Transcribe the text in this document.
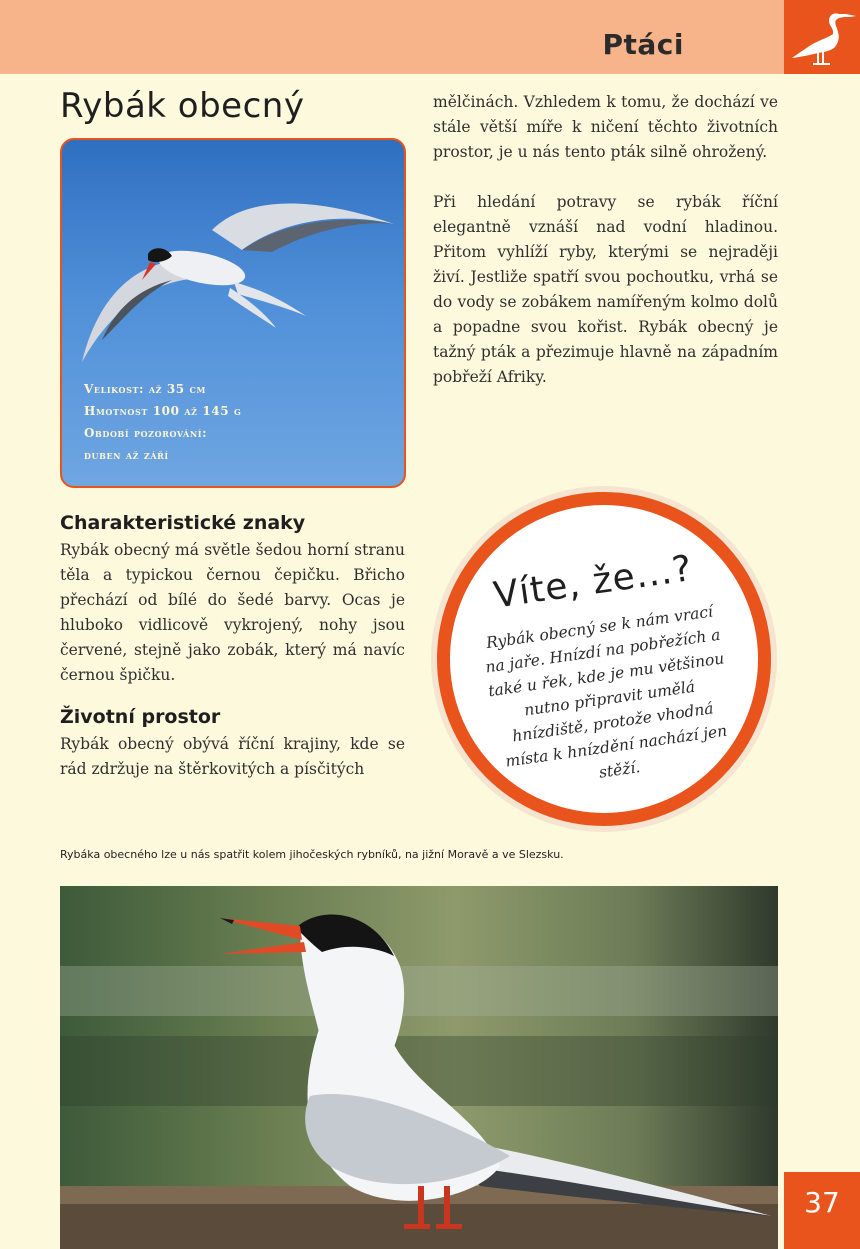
Ptáci
Rybák obecný
Velikost: až 35 cm
Hmotnost 100 až 145 g
Období pozorování:
duben až září

mělčinách. Vzhledem k tomu, že dochází ve stále větší míře k ničení těchto životních prostor, je u nás tento pták silně ohrožený.

Při hledání potravy se rybák říční elegantně vznáší nad vodní hladinou. Přitom vyhlíží ryby, kterými se nejraději živí. Jestliže spatří svou pochoutku, vrhá se do vody se zobákem namířeným kolmo dolů a popadne svou kořist. Rybák obecný je tažný pták a přezimuje hlavně na západním pobřeží Afriky.

Charakteristické znaky

Rybák obecný má světle šedou horní stranu těla a typickou černou čepičku. Břicho přechází od bílé do šedé barvy. Ocas je hluboko vidlicově vykrojený, nohy jsou červené, stejně jako zobák, který má navíc černou špičku.

Životní prostor

Rybák obecný obývá říční krajiny, kde se rád zdržuje na štěrkovitých a písčitých

Víte, že...?
Rybák obecný se k nám vrací na jaře. Hnízdí na pobřežích a také u řek, kde je mu většinou nutno připravit umělá hnízdiště, protože vhodná místa k hnízdění nachází jen stěží.
Rybáka obecného lze u nás spatřit kolem jihočeských rybníků, na jižní Moravě a ve Slezsku.
37
